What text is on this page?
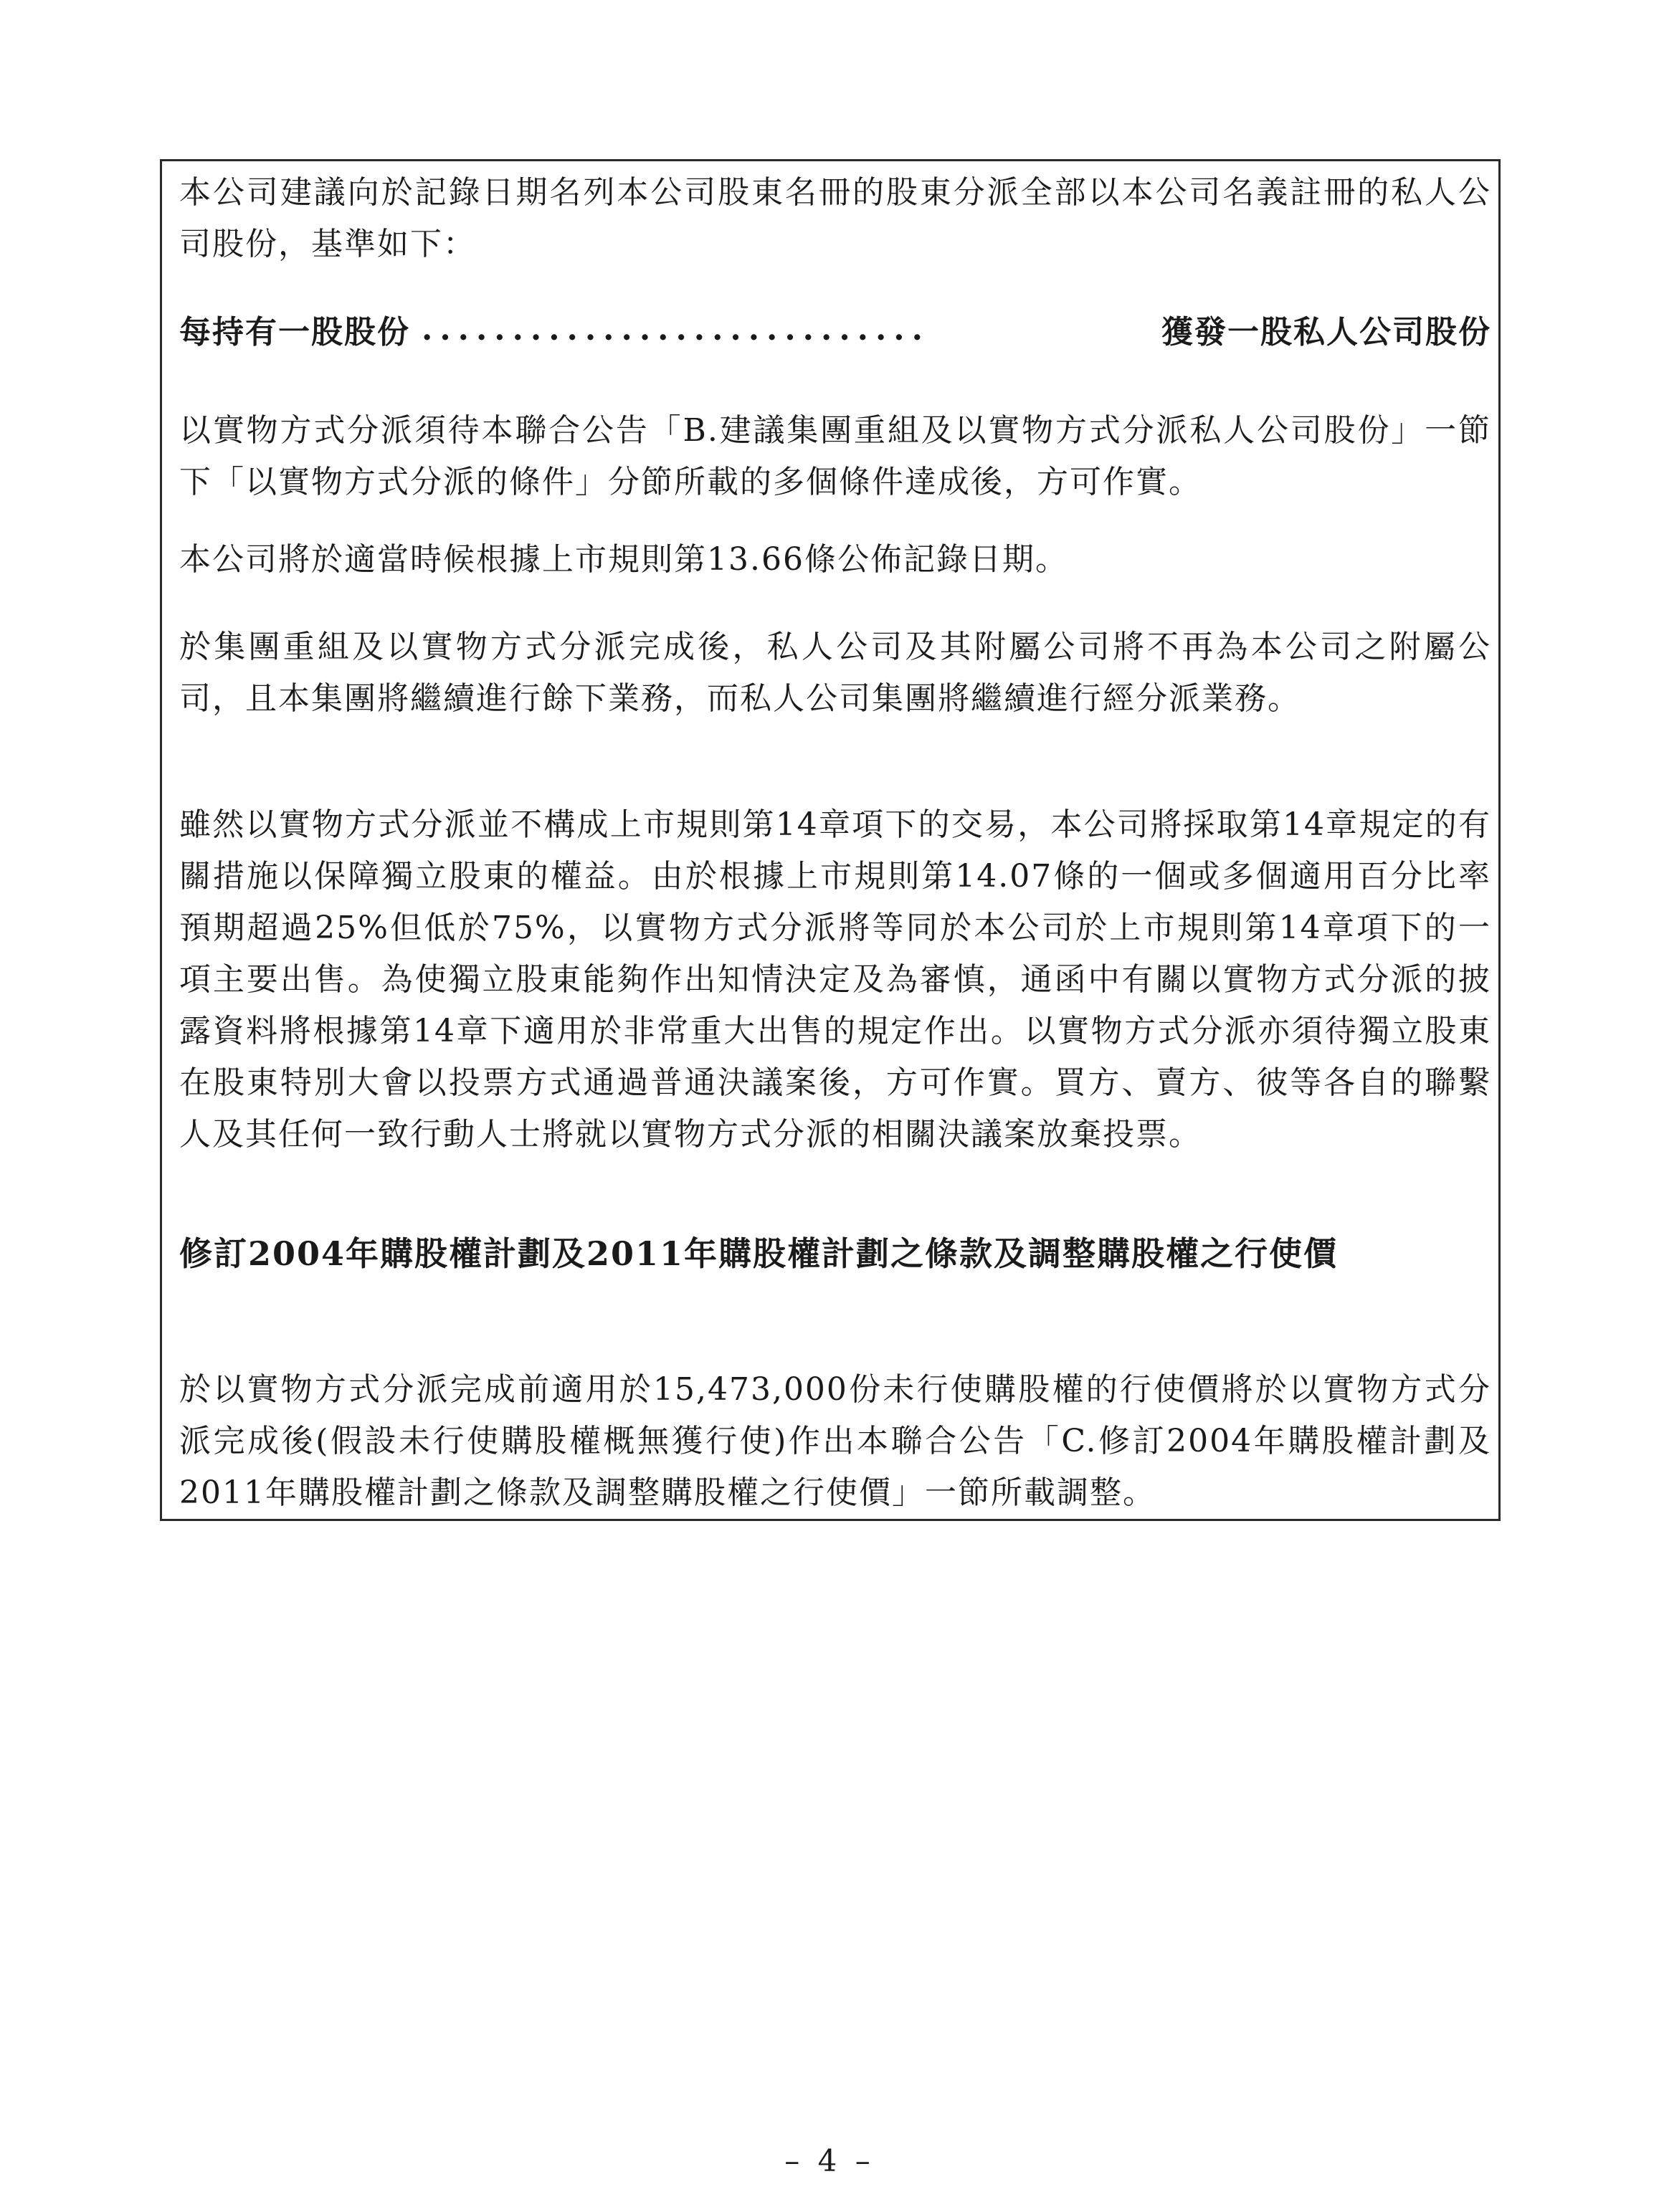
本公司建議向於記錄日期名列本公司股東名冊的股東分派全部以本公司名義註冊的私人公司股份，基準如下：

每持有一股股份 ............................	獲發一股私人公司股份

以實物方式分派須待本聯合公告「B.建議集團重組及以實物方式分派私人公司股份」一節下「以實物方式分派的條件」分節所載的多個條件達成後，方可作實。

本公司將於適當時候根據上市規則第13.66條公佈記錄日期。

於集團重組及以實物方式分派完成後，私人公司及其附屬公司將不再為本公司之附屬公司，且本集團將繼續進行餘下業務，而私人公司集團將繼續進行經分派業務。

雖然以實物方式分派並不構成上市規則第14章項下的交易，本公司將採取第14章規定的有關措施以保障獨立股東的權益。由於根據上市規則第14.07條的一個或多個適用百分比率預期超過25%但低於75%，以實物方式分派將等同於本公司於上市規則第14章項下的一項主要出售。為使獨立股東能夠作出知情決定及為審慎，通函中有關以實物方式分派的披露資料將根據第14章下適用於非常重大出售的規定作出。以實物方式分派亦須待獨立股東在股東特別大會以投票方式通過普通決議案後，方可作實。買方、賣方、彼等各自的聯繫人及其任何一致行動人士將就以實物方式分派的相關決議案放棄投票。

修訂2004年購股權計劃及2011年購股權計劃之條款及調整購股權之行使價

於以實物方式分派完成前適用於15,473,000份未行使購股權的行使價將於以實物方式分派完成後(假設未行使購股權概無獲行使)作出本聯合公告「C.修訂2004年購股權計劃及2011年購股權計劃之條款及調整購股權之行使價」一節所載調整。

– 4 –
